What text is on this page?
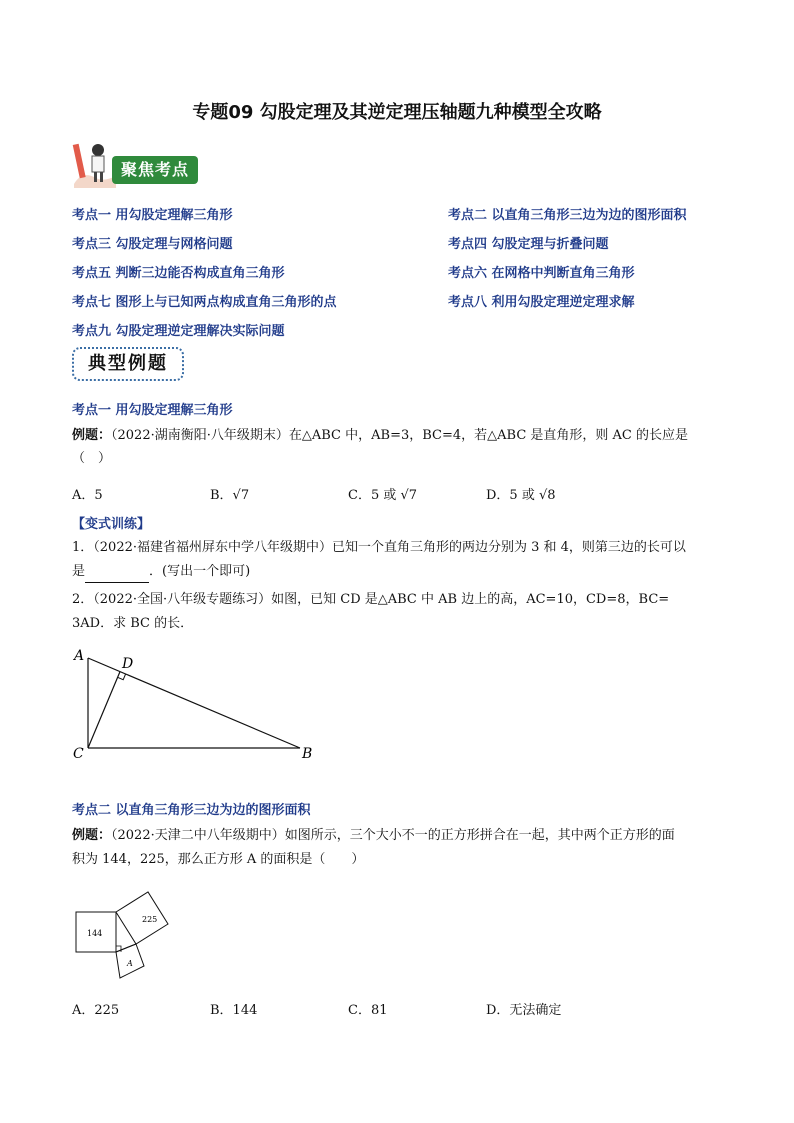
专题09 勾股定理及其逆定理压轴题九种模型全攻略
聚焦考点
考点一 用勾股定理解三角形	考点二 以直角三角形三边为边的图形面积
考点三 勾股定理与网格问题	考点四 勾股定理与折叠问题
考点五 判断三边能否构成直角三角形	考点六 在网格中判断直角三角形
考点七 图形上与已知两点构成直角三角形的点	考点八 利用勾股定理逆定理求解
考点九 勾股定理逆定理解决实际问题
典型例题
考点一 用勾股定理解三角形
例题：（2022·湖南衡阳·八年级期末）在△ABC 中，AB=3，BC=4，若△ABC 是直角形，则 AC 的长应是
（　）
A．5	B．√7	C．5 或 √7	D．5 或 √8
【变式训练】
1．（2022·福建省福州屏东中学八年级期中）已知一个直角三角形的两边分别为 3 和 4，则第三边的长可以
是	．(写出一个即可)
2．（2022·全国·八年级专题练习）如图，已知 CD 是△ABC 中 AB 边上的高，AC=10，CD=8，BC=
3AD．求 BC 的长．
A	D
C	B
考点二 以直角三角形三边为边的图形面积
例题：（2022·天津二中八年级期中）如图所示，三个大小不一的正方形拼合在一起，其中两个正方形的面
积为 144，225，那么正方形 A 的面积是（　　）
144
225
A
A．225	B．144	C．81	D．无法确定
